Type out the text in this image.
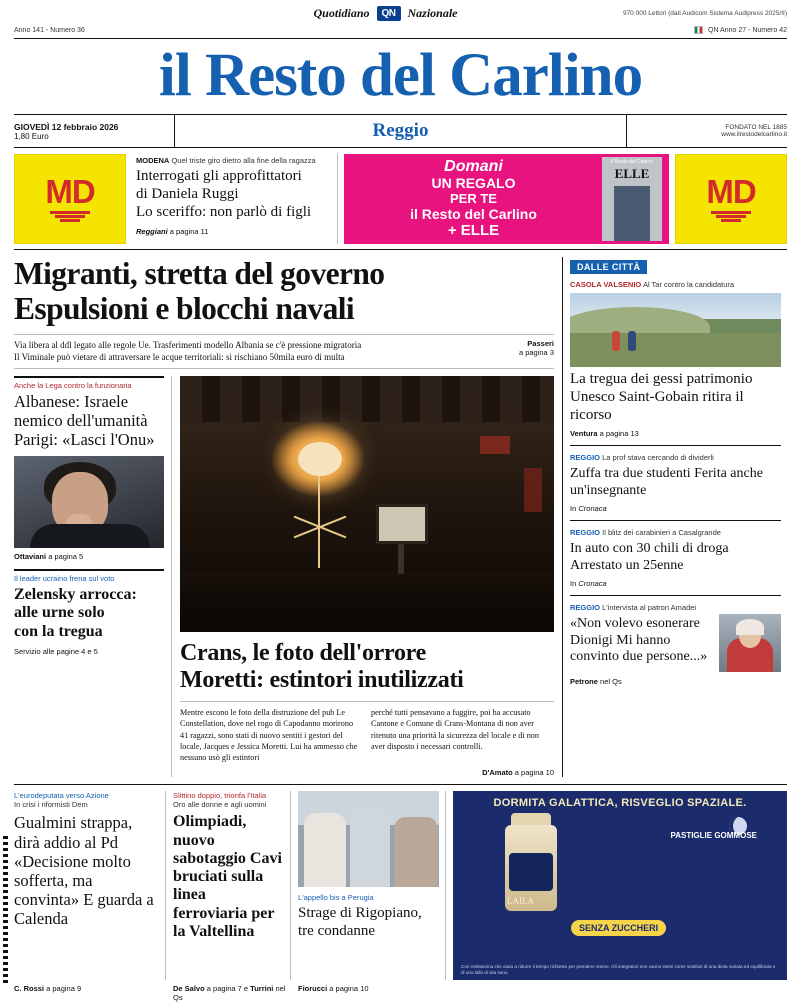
Quotidiano	QN	Nazionale	970.000 Lettori (dati Audicom Sistema Audipress 2025/II)
Anno 141 - Numero 36	QN Anno 27 - Numero 42
il Resto del Carlino
GIOVEDÌ 12 febbraio 2026
1,80 Euro	Reggio	FONDATO NEL 1885
www.ilrestodelcarlino.it
MD
MODENA Quel triste giro dietro alla fine della ragazza
Interrogati gli approfittatori
di Daniela Ruggi
Lo sceriffo: non parlò di figli
Reggiani a pagina 11
Domani
UN REGALO
PER TE
il Resto del Carlino
+ ELLE
il Resto del Carlino
ELLE	MD
Migranti, stretta del governo
Espulsioni e blocchi navali
Via libera al ddl legato alle regole Ue. Trasferimenti modello Albania se c'è pressione migratoria
Il Viminale può vietare di attraversare le acque territoriali: si rischiano 50mila euro di multa
Passeri
a pagina 3
Anche la Lega contro la funzionaria
Albanese: Israele
nemico dell'umanità
Parigi: «Lasci l'Onu»
Ottaviani a pagina 5
Il leader ucraino frena sul voto
Zelensky arrocca:
alle urne solo
con la tregua
Servizio alle pagine 4 e 5	Crans, le foto dell'orrore
Moretti: estintori inutilizzati

Mentre escono le foto della distruzione del pub Le Constellation, dove nel rogo di Capodanno morirono 41 ragazzi, sono stati di nuovo sentiti i gestori del locale, Jacques e Jessica Moretti. Lui ha ammesso che nessuno usò gli estintori

perché tutti pensavano a fuggire, poi ha accusato Cantone e Comune di Crans-Montana di non aver ritenuto una priorità la sicurezza del locale e di non aver disposto i necessari controlli.

D'Amato a pagina 10
DALLE CITTÀ
CASOLA VALSENIO Al Tar contro la candidatura
La tregua dei gessi patrimonio Unesco Saint-Gobain ritira il ricorso
Ventura a pagina 13
REGGIO La prof stava cercando di dividerli
Zuffa tra due studenti Ferita anche un'insegnante
In Cronaca
REGGIO Il blitz dei carabinieri a Casalgrande
In auto con 30 chili di droga Arrestato un 25enne
In Cronaca
REGGIO L'intervista al patron Amadei
«Non volevo esonerare Dionigi Mi hanno convinto due persone...»
Petrone nel Qs
L'eurodeputata verso Azione
In crisi i riformisti Dem
Gualmini strappa, dirà addio al Pd «Decisione molto sofferta, ma convinta» E guarda a Calenda
Slittino doppio, trionfa l'Italia
Oro alle donne e agli uomini
Olimpiadi, nuovo sabotaggio Cavi bruciati sulla linea ferroviaria per la Valtellina
L'appello bis a Perugia
Strage di Rigopiano, tre condanne
DORMITA GALATTICA, RISVEGLIO SPAZIALE.
LAILA
PASTIGLIE GOMMOSE
SENZA ZUCCHERI
Con melatonina che aiuta a ridurre il tempo richiesto per prendere sonno. Gli integratori non vanno intesi come sostituti di una dieta variata ed equilibrata e di uno stile di vita sano.
C. Rossi a pagina 9	De Salvo a pagina 7 e Turrini nel Qs
Fiorucci a pagina 10
